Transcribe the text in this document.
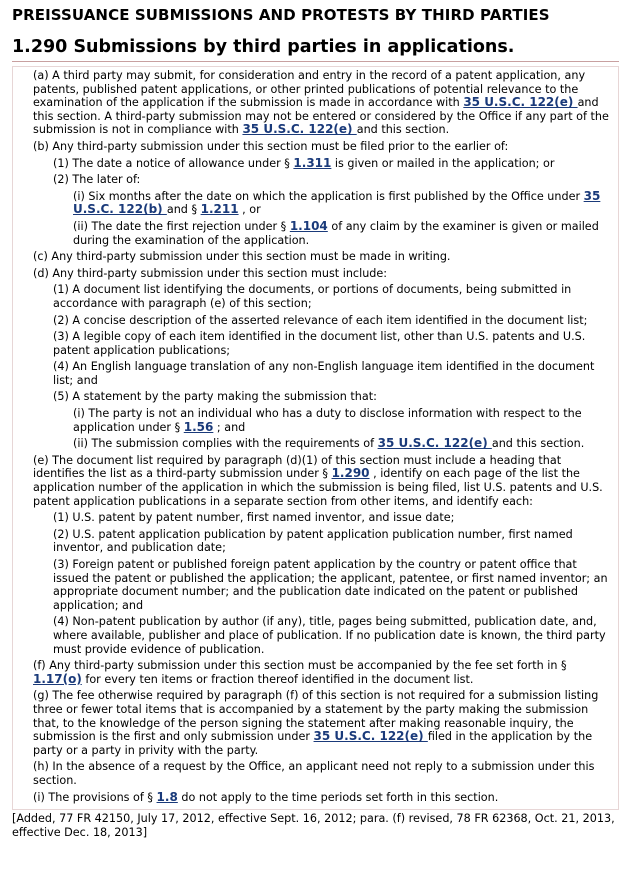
PREISSUANCE SUBMISSIONS AND PROTESTS BY THIRD PARTIES
1.290 Submissions by third parties in applications.

(a) A third party may submit, for consideration and entry in the record of a patent application, any patents, published patent applications, or other printed publications of potential relevance to the examination of the application if the submission is made in accordance with 35 U.S.C. 122(e) and this section. A third-party submission may not be entered or considered by the Office if any part of the submission is not in compliance with 35 U.S.C. 122(e) and this section.

(b) Any third-party submission under this section must be filed prior to the earlier of:

(1) The date a notice of allowance under § 1.311 is given or mailed in the application; or

(2) The later of:

(i) Six months after the date on which the application is first published by the Office under 35 U.S.C. 122(b) and § 1.211 , or

(ii) The date the first rejection under § 1.104 of any claim by the examiner is given or mailed during the examination of the application.

(c) Any third-party submission under this section must be made in writing.

(d) Any third-party submission under this section must include:

(1) A document list identifying the documents, or portions of documents, being submitted in accordance with paragraph (e) of this section;

(2) A concise description of the asserted relevance of each item identified in the document list;

(3) A legible copy of each item identified in the document list, other than U.S. patents and U.S. patent application publications;

(4) An English language translation of any non-English language item identified in the document list; and

(5) A statement by the party making the submission that:

(i) The party is not an individual who has a duty to disclose information with respect to the application under § 1.56 ; and

(ii) The submission complies with the requirements of 35 U.S.C. 122(e) and this section.

(e) The document list required by paragraph (d)(1) of this section must include a heading that identifies the list as a third-party submission under § 1.290 , identify on each page of the list the application number of the application in which the submission is being filed, list U.S. patents and U.S. patent application publications in a separate section from other items, and identify each:

(1) U.S. patent by patent number, first named inventor, and issue date;

(2) U.S. patent application publication by patent application publication number, first named inventor, and publication date;

(3) Foreign patent or published foreign patent application by the country or patent office that issued the patent or published the application; the applicant, patentee, or first named inventor; an appropriate document number; and the publication date indicated on the patent or published application; and

(4) Non-patent publication by author (if any), title, pages being submitted, publication date, and, where available, publisher and place of publication. If no publication date is known, the third party must provide evidence of publication.

(f) Any third-party submission under this section must be accompanied by the fee set forth in § 1.17(o) for every ten items or fraction thereof identified in the document list.

(g) The fee otherwise required by paragraph (f) of this section is not required for a submission listing three or fewer total items that is accompanied by a statement by the party making the submission that, to the knowledge of the person signing the statement after making reasonable inquiry, the submission is the first and only submission under 35 U.S.C. 122(e) filed in the application by the party or a party in privity with the party.

(h) In the absence of a request by the Office, an applicant need not reply to a submission under this section.

(i) The provisions of § 1.8 do not apply to the time periods set forth in this section.

[Added, 77 FR 42150, July 17, 2012, effective Sept. 16, 2012; para. (f) revised, 78 FR 62368, Oct. 21, 2013, effective Dec. 18, 2013]
